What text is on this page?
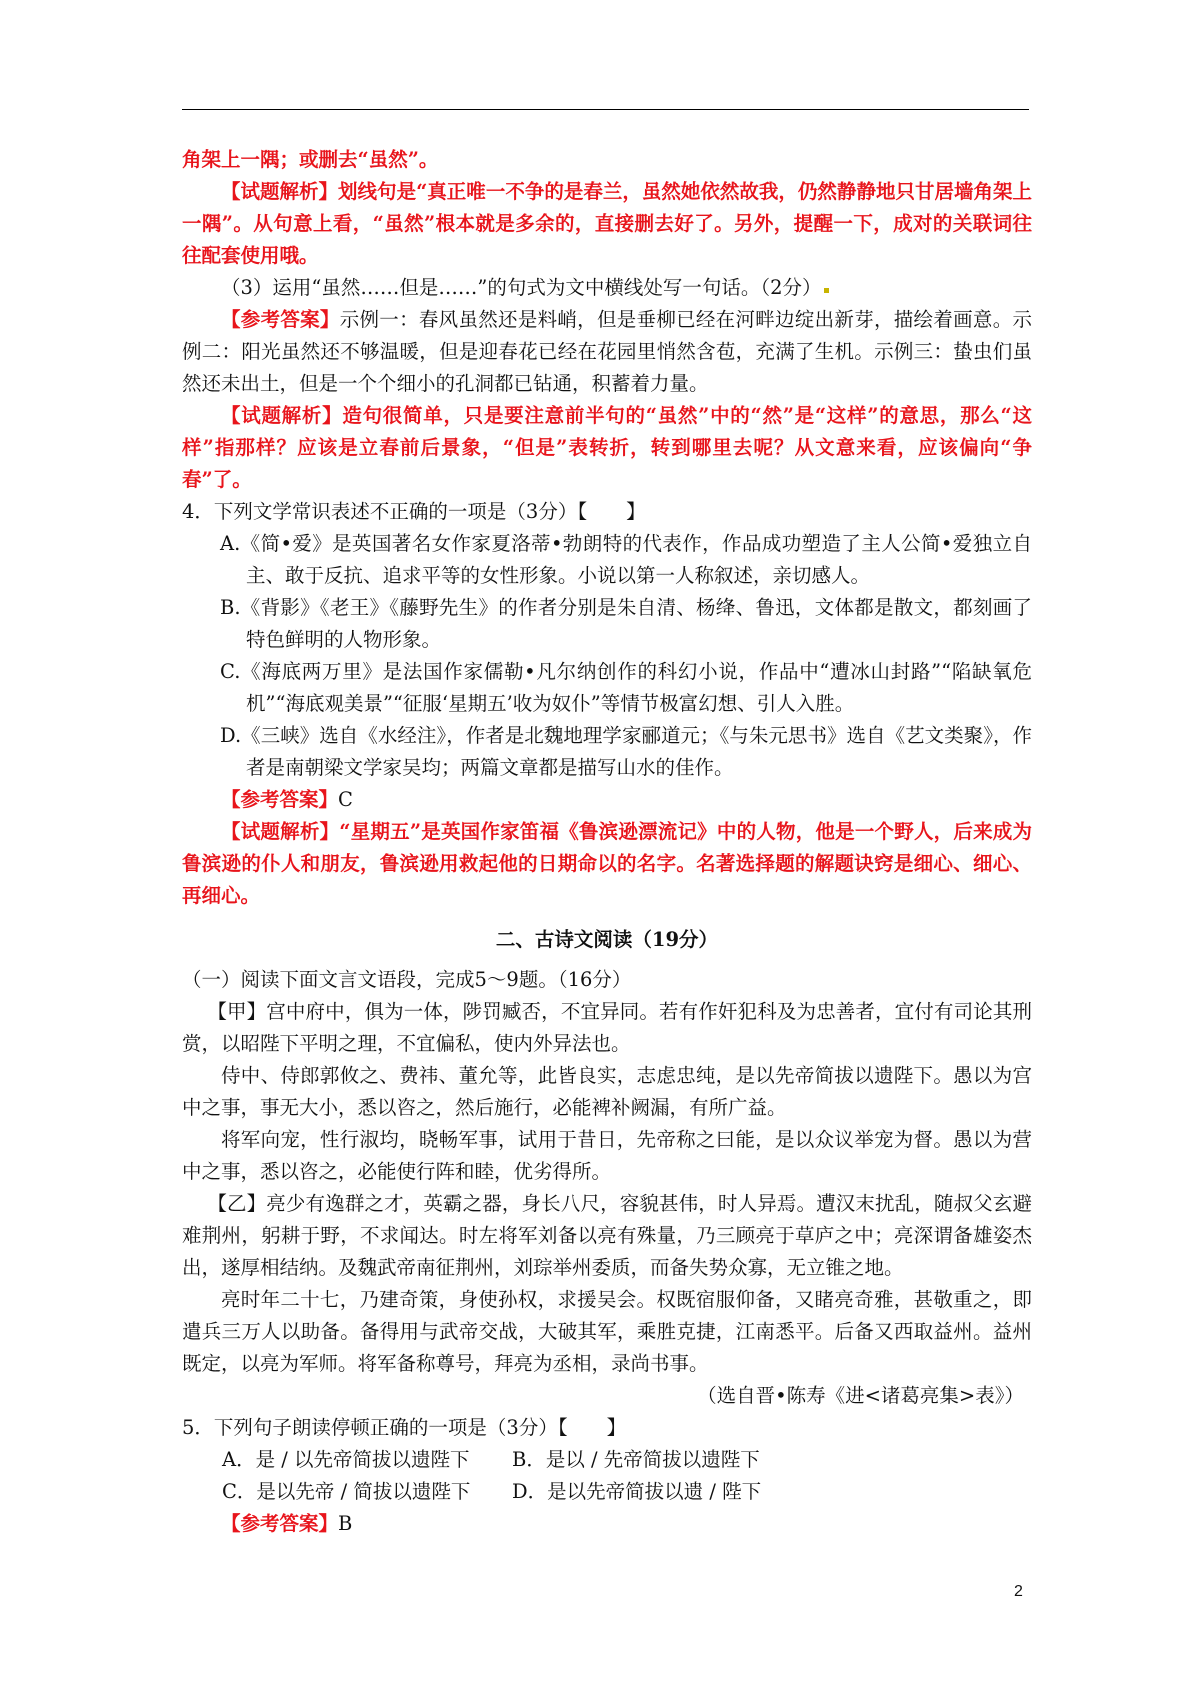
角架上一隅；或删去“虽然”。

【试题解析】划线句是“真正唯一不争的是春兰，虽然她依然故我，仍然静静地只甘居墙角架上一隅”。从句意上看，“虽然”根本就是多余的，直接删去好了。另外，提醒一下，成对的关联词往往配套使用哦。

（3）运用“虽然……但是……”的句式为文中横线处写一句话。（2分）

【参考答案】示例一：春风虽然还是料峭，但是垂柳已经在河畔边绽出新芽，描绘着画意。示例二：阳光虽然还不够温暖，但是迎春花已经在花园里悄然含苞，充满了生机。示例三：蛰虫们虽然还未出土，但是一个个细小的孔洞都已钻通，积蓄着力量。

【试题解析】造句很简单，只是要注意前半句的“虽然”中的“然”是“这样”的意思，那么“这样”指那样？应该是立春前后景象，“但是”表转折，转到哪里去呢？从文意来看，应该偏向“争春”了。

4．下列文学常识表述不正确的一项是（3分）【　　】

A.《简•爱》是英国著名女作家夏洛蒂•勃朗特的代表作，作品成功塑造了主人公简•爱独立自主、敢于反抗、追求平等的女性形象。小说以第一人称叙述，亲切感人。

B.《背影》《老王》《藤野先生》的作者分别是朱自清、杨绛、鲁迅，文体都是散文，都刻画了特色鲜明的人物形象。

C.《海底两万里》是法国作家儒勒•凡尔纳创作的科幻小说，作品中“遭冰山封路”“陷缺氧危机”“海底观美景”“征服‘星期五’收为奴仆”等情节极富幻想、引人入胜。

D.《三峡》选自《水经注》，作者是北魏地理学家郦道元；《与朱元思书》选自《艺文类聚》，作者是南朝梁文学家吴均；两篇文章都是描写山水的佳作。

【参考答案】C

【试题解析】“星期五”是英国作家笛福《鲁滨逊漂流记》中的人物，他是一个野人，后来成为鲁滨逊的仆人和朋友，鲁滨逊用救起他的日期命以的名字。名著选择题的解题诀窍是细心、细心、再细心。

二、古诗文阅读（19分）

（一）阅读下面文言文语段，完成5～9题。（16分）

【甲】宫中府中，俱为一体，陟罚臧否，不宜异同。若有作奸犯科及为忠善者，宜付有司论其刑赏，以昭陛下平明之理，不宜偏私，使内外异法也。

侍中、侍郎郭攸之、费祎、董允等，此皆良实，志虑忠纯，是以先帝简拔以遗陛下。愚以为宫中之事，事无大小，悉以咨之，然后施行，必能裨补阙漏，有所广益。

将军向宠，性行淑均，晓畅军事，试用于昔日，先帝称之曰能，是以众议举宠为督。愚以为营中之事，悉以咨之，必能使行阵和睦，优劣得所。

【乙】亮少有逸群之才，英霸之器，身长八尺，容貌甚伟，时人异焉。遭汉末扰乱，随叔父玄避难荆州，躬耕于野，不求闻达。时左将军刘备以亮有殊量，乃三顾亮于草庐之中；亮深谓备雄姿杰出，遂厚相结纳。及魏武帝南征荆州，刘琮举州委质，而备失势众寡，无立锥之地。

亮时年二十七，乃建奇策，身使孙权，求援吴会。权既宿服仰备，又睹亮奇雅，甚敬重之，即遣兵三万人以助备。备得用与武帝交战，大破其军，乘胜克捷，江南悉平。后备又西取益州。益州既定，以亮为军师。将军备称尊号，拜亮为丞相，录尚书事。

（选自晋•陈寿《进<诸葛亮集>表》）

5．下列句子朗读停顿正确的一项是（3分）【　　】

A．是 / 以先帝简拔以遗陛下	B．是以 / 先帝简拔以遗陛下
C．是以先帝 / 简拔以遗陛下	D．是以先帝简拔以遗 / 陛下

【参考答案】B

2
